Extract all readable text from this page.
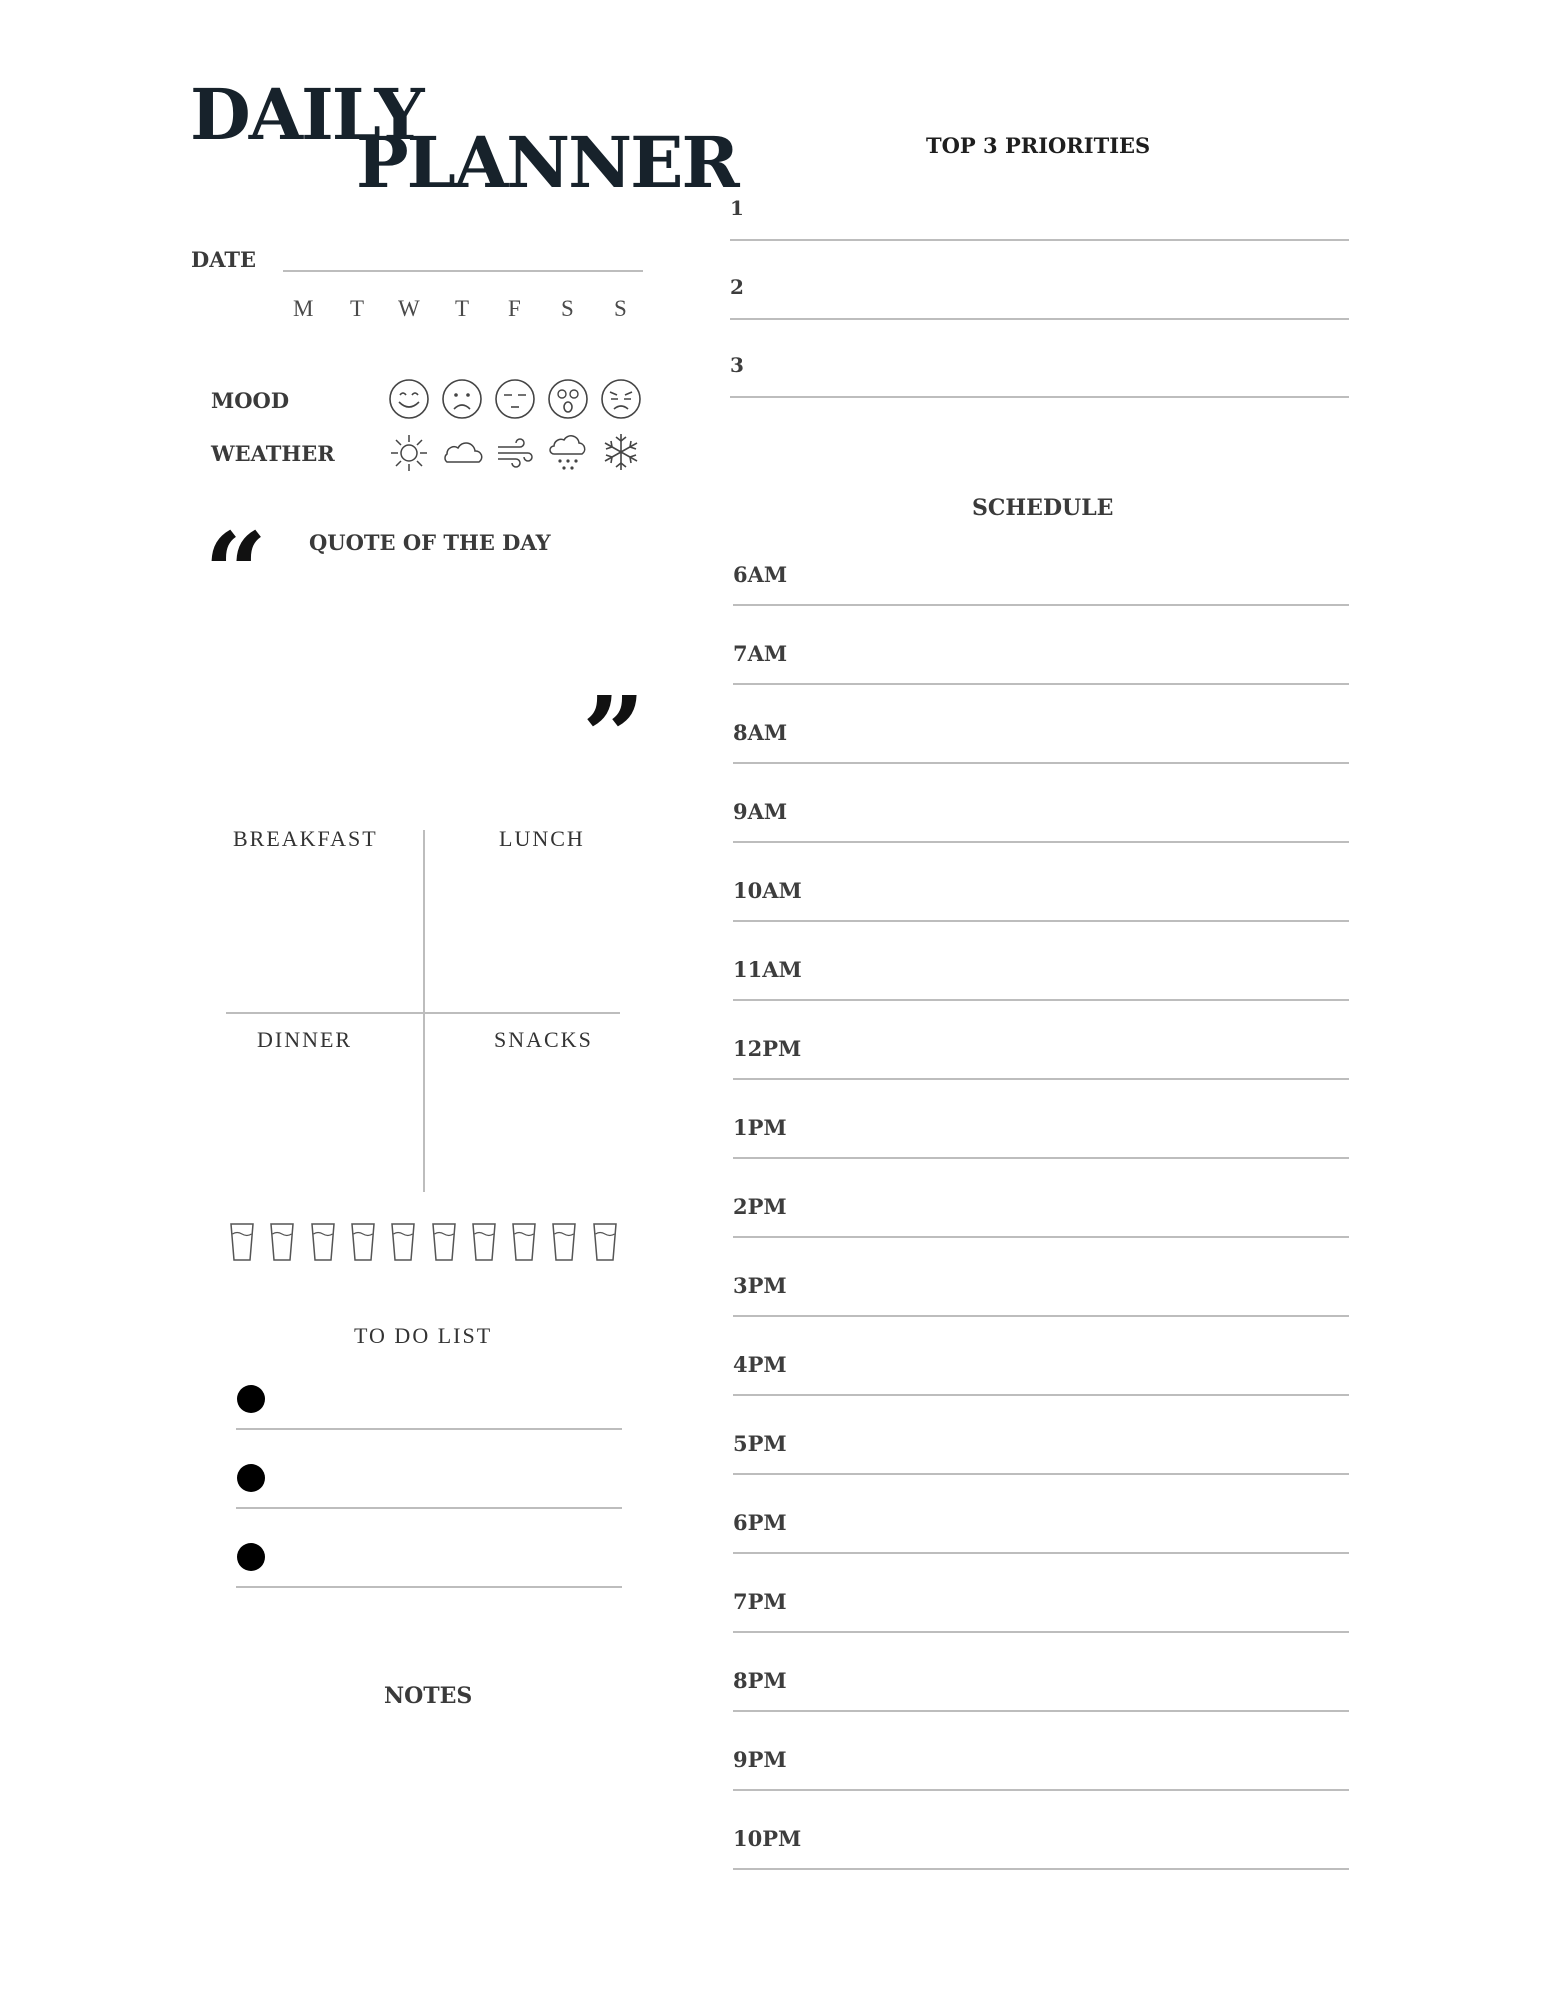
DAILY
PLANNER
DATE
M T W T F S S
MOOD
WEATHER
“ QUOTE OF THE DAY
”
BREAKFAST	LUNCH
DINNER	SNACKS
TO DO LIST
NOTES
TOP 3 PRIORITIES
1
2
3
SCHEDULE
6AM
7AM
8AM
9AM
10AM
11AM
12PM
1PM
2PM
3PM
4PM
5PM
6PM
7PM
8PM
9PM
10PM
